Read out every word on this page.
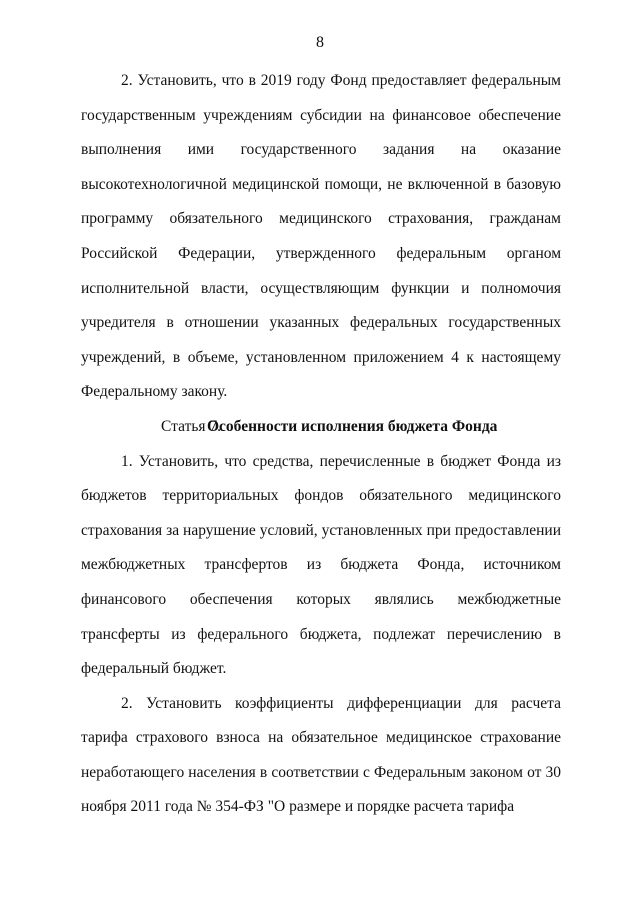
8

2. Установить, что в 2019 году Фонд предоставляет федеральным государственным учреждениям субсидии на финансовое обеспечение выполнения ими государственного задания на оказание высокотехнологичной медицинской помощи, не включенной в базовую программу обязательного медицинского страхования, гражданам Российской Федерации, утвержденного федеральным органом исполнительной власти, осуществляющим функции и полномочия учредителя в отношении указанных федеральных государственных учреждений, в объеме, установленном приложением 4 к настоящему Федеральному закону.

Статья 7.Особенности исполнения бюджета Фонда

1. Установить, что средства, перечисленные в бюджет Фонда из бюджетов территориальных фондов обязательного медицинского страхования за нарушение условий, установленных при предоставлении межбюджетных трансфертов из бюджета Фонда, источником финансового обеспечения которых являлись межбюджетные трансферты из федерального бюджета, подлежат перечислению в федеральный бюджет.

2. Установить коэффициенты дифференциации для расчета тарифа страхового взноса на обязательное медицинское страхование неработающего населения в соответствии с Федеральным законом от 30 ноября 2011 года № 354-ФЗ "О размере и порядке расчета тарифа
